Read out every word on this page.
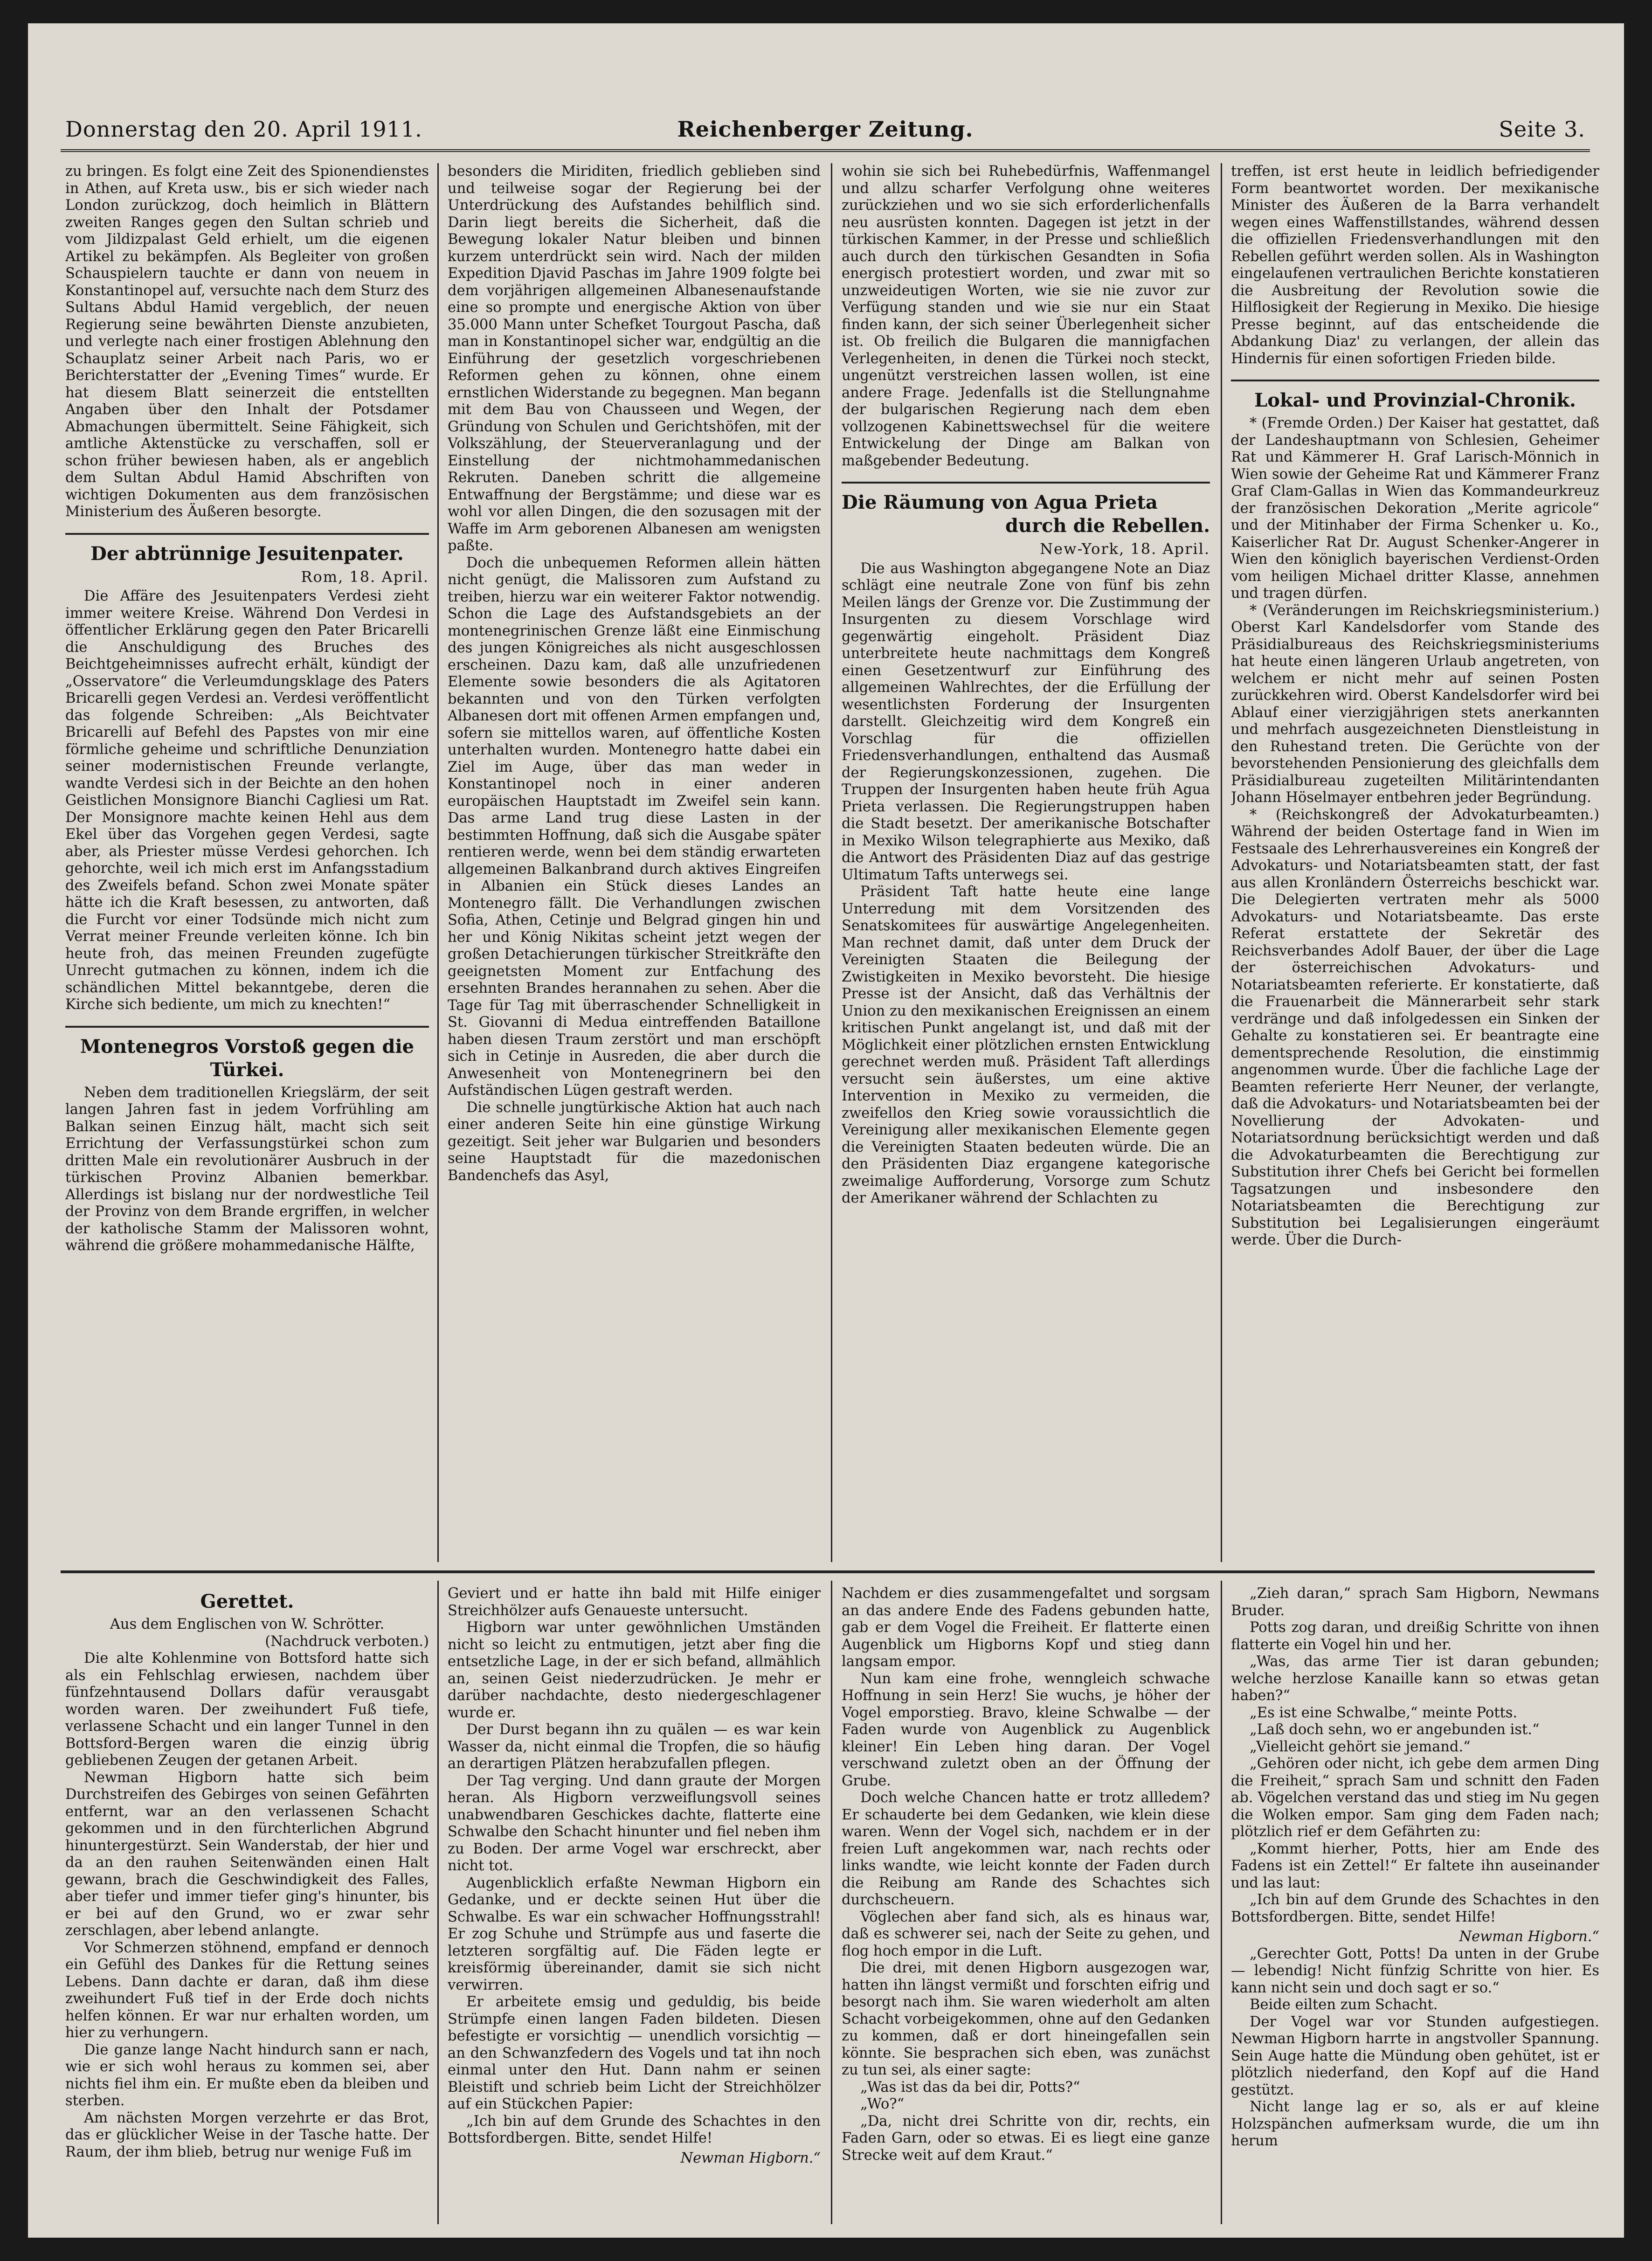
Donnerstag den 20. April 1911.	Reichenberger Zeitung.	Seite 3.

zu bringen. Es folgt eine Zeit des Spionendienstes in Athen, auf Kreta usw., bis er sich wieder nach London zurückzog, doch heimlich in Blättern zweiten Ranges gegen den Sultan schrieb und vom Jildizpalast Geld erhielt, um die eigenen Artikel zu bekämpfen. Als Begleiter von großen Schauspielern tauchte er dann von neuem in Konstantinopel auf, versuchte nach dem Sturz des Sultans Abdul Hamid vergeblich, der neuen Regierung seine bewährten Dienste anzubieten, und verlegte nach einer frostigen Ablehnung den Schauplatz seiner Arbeit nach Paris, wo er Berichterstatter der „Evening Times“ wurde. Er hat diesem Blatt seinerzeit die entstellten Angaben über den Inhalt der Potsdamer Abmachungen übermittelt. Seine Fähigkeit, sich amtliche Aktenstücke zu verschaffen, soll er schon früher bewiesen haben, als er angeblich dem Sultan Abdul Hamid Abschriften von wichtigen Dokumenten aus dem französischen Ministerium des Äußeren besorgte.

Der abtrünnige Jesuitenpater.
Rom, 18. April.

Die Affäre des Jesuitenpaters Verdesi zieht immer weitere Kreise. Während Don Verdesi in öffentlicher Erklärung gegen den Pater Bricarelli die Anschuldigung des Bruches des Beichtgeheimnisses aufrecht erhält, kündigt der „Osservatore“ die Verleumdungsklage des Paters Bricarelli gegen Verdesi an. Verdesi veröffentlicht das folgende Schreiben: „Als Beichtvater Bricarelli auf Befehl des Papstes von mir eine förmliche geheime und schriftliche Denunziation seiner modernistischen Freunde verlangte, wandte Verdesi sich in der Beichte an den hohen Geistlichen Monsignore Bianchi Cagliesi um Rat. Der Monsignore machte keinen Hehl aus dem Ekel über das Vorgehen gegen Verdesi, sagte aber, als Priester müsse Verdesi gehorchen. Ich gehorchte, weil ich mich erst im Anfangsstadium des Zweifels befand. Schon zwei Monate später hätte ich die Kraft besessen, zu antworten, daß die Furcht vor einer Todsünde mich nicht zum Verrat meiner Freunde verleiten könne. Ich bin heute froh, das meinen Freunden zugefügte Unrecht gutmachen zu können, indem ich die schändlichen Mittel bekanntgebe, deren die Kirche sich bediente, um mich zu knechten!“

Montenegros Vorstoß gegen die Türkei.

Neben dem traditionellen Kriegslärm, der seit langen Jahren fast in jedem Vorfrühling am Balkan seinen Einzug hält, macht sich seit Errichtung der Verfassungstürkei schon zum dritten Male ein revolutionärer Ausbruch in der türkischen Provinz Albanien bemerkbar. Allerdings ist bislang nur der nordwestliche Teil der Provinz von dem Brande ergriffen, in welcher der katholische Stamm der Malissoren wohnt, während die größere mohammedanische Hälfte,

besonders die Miriditen, friedlich geblieben sind und teilweise sogar der Regierung bei der Unterdrückung des Aufstandes behilflich sind. Darin liegt bereits die Sicherheit, daß die Bewegung lokaler Natur bleiben und binnen kurzem unterdrückt sein wird. Nach der milden Expedition Djavid Paschas im Jahre 1909 folgte bei dem vorjährigen allgemeinen Albanesenaufstande eine so prompte und energische Aktion von über 35.000 Mann unter Schefket Tourgout Pascha, daß man in Konstantinopel sicher war, endgültig an die Einführung der gesetzlich vorgeschriebenen Reformen gehen zu können, ohne einem ernstlichen Widerstande zu begegnen. Man begann mit dem Bau von Chausseen und Wegen, der Gründung von Schulen und Gerichtshöfen, mit der Volkszählung, der Steuerveranlagung und der Einstellung der nichtmohammedanischen Rekruten. Daneben schritt die allgemeine Entwaffnung der Bergstämme; und diese war es wohl vor allen Dingen, die den sozusagen mit der Waffe im Arm geborenen Albanesen am wenigsten paßte.

Doch die unbequemen Reformen allein hätten nicht genügt, die Malissoren zum Aufstand zu treiben, hierzu war ein weiterer Faktor notwendig. Schon die Lage des Aufstandsgebiets an der montenegrinischen Grenze läßt eine Einmischung des jungen Königreiches als nicht ausgeschlossen erscheinen. Dazu kam, daß alle unzufriedenen Elemente sowie besonders die als Agitatoren bekannten und von den Türken verfolgten Albanesen dort mit offenen Armen empfangen und, sofern sie mittellos waren, auf öffentliche Kosten unterhalten wurden. Montenegro hatte dabei ein Ziel im Auge, über das man weder in Konstantinopel noch in einer anderen europäischen Hauptstadt im Zweifel sein kann. Das arme Land trug diese Lasten in der bestimmten Hoffnung, daß sich die Ausgabe später rentieren werde, wenn bei dem ständig erwarteten allgemeinen Balkanbrand durch aktives Eingreifen in Albanien ein Stück dieses Landes an Montenegro fällt. Die Verhandlungen zwischen Sofia, Athen, Cetinje und Belgrad gingen hin und her und König Nikitas scheint jetzt wegen der großen Detachierungen türkischer Streitkräfte den geeignetsten Moment zur Entfachung des ersehnten Brandes herannahen zu sehen. Aber die Tage für Tag mit überraschender Schnelligkeit in St. Giovanni di Medua eintreffenden Bataillone haben diesen Traum zerstört und man erschöpft sich in Cetinje in Ausreden, die aber durch die Anwesenheit von Montenegrinern bei den Aufständischen Lügen gestraft werden.

Die schnelle jungtürkische Aktion hat auch nach einer anderen Seite hin eine günstige Wirkung gezeitigt. Seit jeher war Bulgarien und besonders seine Hauptstadt für die mazedonischen Bandenchefs das Asyl,

wohin sie sich bei Ruhebedürfnis, Waffenmangel und allzu scharfer Verfolgung ohne weiteres zurückziehen und wo sie sich erforderlichenfalls neu ausrüsten konnten. Dagegen ist jetzt in der türkischen Kammer, in der Presse und schließlich auch durch den türkischen Gesandten in Sofia energisch protestiert worden, und zwar mit so unzweideutigen Worten, wie sie nie zuvor zur Verfügung standen und wie sie nur ein Staat finden kann, der sich seiner Überlegenheit sicher ist. Ob freilich die Bulgaren die mannigfachen Verlegenheiten, in denen die Türkei noch steckt, ungenützt verstreichen lassen wollen, ist eine andere Frage. Jedenfalls ist die Stellungnahme der bulgarischen Regierung nach dem eben vollzogenen Kabinettswechsel für die weitere Entwickelung der Dinge am Balkan von maßgebender Bedeutung.

Die Räumung von Agua Prieta
durch die Rebellen.
New-York, 18. April.

Die aus Washington abgegangene Note an Diaz schlägt eine neutrale Zone von fünf bis zehn Meilen längs der Grenze vor. Die Zustimmung der Insurgenten zu diesem Vorschlage wird gegenwärtig eingeholt. Präsident Diaz unterbreitete heute nachmittags dem Kongreß einen Gesetzentwurf zur Einführung des allgemeinen Wahlrechtes, der die Erfüllung der wesentlichsten Forderung der Insurgenten darstellt. Gleichzeitig wird dem Kongreß ein Vorschlag für die offiziellen Friedensverhandlungen, enthaltend das Ausmaß der Regierungskonzessionen, zugehen. Die Truppen der Insurgenten haben heute früh Agua Prieta verlassen. Die Regierungstruppen haben die Stadt besetzt. Der amerikanische Botschafter in Mexiko Wilson telegraphierte aus Mexiko, daß die Antwort des Präsidenten Diaz auf das gestrige Ultimatum Tafts unterwegs sei.

Präsident Taft hatte heute eine lange Unterredung mit dem Vorsitzenden des Senatskomitees für auswärtige Angelegenheiten. Man rechnet damit, daß unter dem Druck der Vereinigten Staaten die Beilegung der Zwistigkeiten in Mexiko bevorsteht. Die hiesige Presse ist der Ansicht, daß das Verhältnis der Union zu den mexikanischen Ereignissen an einem kritischen Punkt angelangt ist, und daß mit der Möglichkeit einer plötzlichen ernsten Entwicklung gerechnet werden muß. Präsident Taft allerdings versucht sein äußerstes, um eine aktive Intervention in Mexiko zu vermeiden, die zweifellos den Krieg sowie voraussichtlich die Vereinigung aller mexikanischen Elemente gegen die Vereinigten Staaten bedeuten würde. Die an den Präsidenten Diaz ergangene kategorische zweimalige Aufforderung, Vorsorge zum Schutz der Amerikaner während der Schlachten zu

treffen, ist erst heute in leidlich befriedigender Form beantwortet worden. Der mexikanische Minister des Äußeren de la Barra verhandelt wegen eines Waffenstillstandes, während dessen die offiziellen Friedensverhandlungen mit den Rebellen geführt werden sollen. Als in Washington eingelaufenen vertraulichen Berichte konstatieren die Ausbreitung der Revolution sowie die Hilflosigkeit der Regierung in Mexiko. Die hiesige Presse beginnt, auf das entscheidende die Abdankung Diaz' zu verlangen, der allein das Hindernis für einen sofortigen Frieden bilde.

Lokal- und Provinzial-Chronik.

* (Fremde Orden.) Der Kaiser hat gestattet, daß der Landeshauptmann von Schlesien, Geheimer Rat und Kämmerer H. Graf Larisch-Mönnich in Wien sowie der Geheime Rat und Kämmerer Franz Graf Clam-Gallas in Wien das Kommandeurkreuz der französischen Dekoration „Merite agricole“ und der Mitinhaber der Firma Schenker u. Ko., Kaiserlicher Rat Dr. August Schenker-Angerer in Wien den königlich bayerischen Verdienst-Orden vom heiligen Michael dritter Klasse, annehmen und tragen dürfen.

* (Veränderungen im Reichskriegsministerium.) Oberst Karl Kandelsdorfer vom Stande des Präsidialbureaus des Reichskriegsministeriums hat heute einen längeren Urlaub angetreten, von welchem er nicht mehr auf seinen Posten zurückkehren wird. Oberst Kandelsdorfer wird bei Ablauf einer vierzigjährigen stets anerkannten und mehrfach ausgezeichneten Dienstleistung in den Ruhestand treten. Die Gerüchte von der bevorstehenden Pensionierung des gleichfalls dem Präsidialbureau zugeteilten Militärintendanten Johann Höselmayer entbehren jeder Begründung.

* (Reichskongreß der Advokaturbeamten.) Während der beiden Ostertage fand in Wien im Festsaale des Lehrerhausvereines ein Kongreß der Advokaturs- und Notariatsbeamten statt, der fast aus allen Kronländern Österreichs beschickt war. Die Delegierten vertraten mehr als 5000 Advokaturs- und Notariatsbeamte. Das erste Referat erstattete der Sekretär des Reichsverbandes Adolf Bauer, der über die Lage der österreichischen Advokaturs- und Notariatsbeamten referierte. Er konstatierte, daß die Frauenarbeit die Männerarbeit sehr stark verdränge und daß infolgedessen ein Sinken der Gehalte zu konstatieren sei. Er beantragte eine dementsprechende Resolution, die einstimmig angenommen wurde. Über die fachliche Lage der Beamten referierte Herr Neuner, der verlangte, daß die Advokaturs- und Notariatsbeamten bei der Novellierung der Advokaten- und Notariatsordnung berücksichtigt werden und daß die Advokaturbeamten die Berechtigung zur Substitution ihrer Chefs bei Gericht bei formellen Tagsatzungen und insbesondere den Notariatsbeamten die Berechtigung zur Substitution bei Legalisierungen eingeräumt werde. Über die Durch-

Gerettet.

Aus dem Englischen von W. Schrötter.

(Nachdruck verboten.)

Die alte Kohlenmine von Bottsford hatte sich als ein Fehlschlag erwiesen, nachdem über fünfzehntausend Dollars dafür verausgabt worden waren. Der zweihundert Fuß tiefe, verlassene Schacht und ein langer Tunnel in den Bottsford-Bergen waren die einzig übrig gebliebenen Zeugen der getanen Arbeit.

Newman Higborn hatte sich beim Durchstreifen des Gebirges von seinen Gefährten entfernt, war an den verlassenen Schacht gekommen und in den fürchterlichen Abgrund hinuntergestürzt. Sein Wanderstab, der hier und da an den rauhen Seitenwänden einen Halt gewann, brach die Geschwindigkeit des Falles, aber tiefer und immer tiefer ging's hinunter, bis er bei auf den Grund, wo er zwar sehr zerschlagen, aber lebend anlangte.

Vor Schmerzen stöhnend, empfand er dennoch ein Gefühl des Dankes für die Rettung seines Lebens. Dann dachte er daran, daß ihm diese zweihundert Fuß tief in der Erde doch nichts helfen können. Er war nur erhalten worden, um hier zu verhungern.

Die ganze lange Nacht hindurch sann er nach, wie er sich wohl heraus zu kommen sei, aber nichts fiel ihm ein. Er mußte eben da bleiben und sterben.

Am nächsten Morgen verzehrte er das Brot, das er glücklicher Weise in der Tasche hatte. Der Raum, der ihm blieb, betrug nur wenige Fuß im

Geviert und er hatte ihn bald mit Hilfe einiger Streichhölzer aufs Genaueste untersucht.

Higborn war unter gewöhnlichen Umständen nicht so leicht zu entmutigen, jetzt aber fing die entsetzliche Lage, in der er sich befand, allmählich an, seinen Geist niederzudrücken. Je mehr er darüber nachdachte, desto niedergeschlagener wurde er.

Der Durst begann ihn zu quälen — es war kein Wasser da, nicht einmal die Tropfen, die so häufig an derartigen Plätzen herabzufallen pflegen.

Der Tag verging. Und dann graute der Morgen heran. Als Higborn verzweiflungsvoll seines unabwendbaren Geschickes dachte, flatterte eine Schwalbe den Schacht hinunter und fiel neben ihm zu Boden. Der arme Vogel war erschreckt, aber nicht tot.

Augenblicklich erfaßte Newman Higborn ein Gedanke, und er deckte seinen Hut über die Schwalbe. Es war ein schwacher Hoffnungsstrahl! Er zog Schuhe und Strümpfe aus und faserte die letzteren sorgfältig auf. Die Fäden legte er kreisförmig übereinander, damit sie sich nicht verwirren.

Er arbeitete emsig und geduldig, bis beide Strümpfe einen langen Faden bildeten. Diesen befestigte er vorsichtig — unendlich vorsichtig — an den Schwanzfedern des Vogels und tat ihn noch einmal unter den Hut. Dann nahm er seinen Bleistift und schrieb beim Licht der Streichhölzer auf ein Stückchen Papier:

„Ich bin auf dem Grunde des Schachtes in den Bottsfordbergen. Bitte, sendet Hilfe!

Newman Higborn.“

Nachdem er dies zusammengefaltet und sorgsam an das andere Ende des Fadens gebunden hatte, gab er dem Vogel die Freiheit. Er flatterte einen Augenblick um Higborns Kopf und stieg dann langsam empor.

Nun kam eine frohe, wenngleich schwache Hoffnung in sein Herz! Sie wuchs, je höher der Vogel emporstieg. Bravo, kleine Schwalbe — der Faden wurde von Augenblick zu Augenblick kleiner! Ein Leben hing daran. Der Vogel verschwand zuletzt oben an der Öffnung der Grube.

Doch welche Chancen hatte er trotz allledem? Er schauderte bei dem Gedanken, wie klein diese waren. Wenn der Vogel sich, nachdem er in der freien Luft angekommen war, nach rechts oder links wandte, wie leicht konnte der Faden durch die Reibung am Rande des Schachtes sich durchscheuern.

Vöglechen aber fand sich, als es hinaus war, daß es schwerer sei, nach der Seite zu gehen, und flog hoch empor in die Luft.

Die drei, mit denen Higborn ausgezogen war, hatten ihn längst vermißt und forschten eifrig und besorgt nach ihm. Sie waren wiederholt am alten Schacht vorbeigekommen, ohne auf den Gedanken zu kommen, daß er dort hineingefallen sein könnte. Sie besprachen sich eben, was zunächst zu tun sei, als einer sagte:

„Was ist das da bei dir, Potts?“

„Wo?“

„Da, nicht drei Schritte von dir, rechts, ein Faden Garn, oder so etwas. Ei es liegt eine ganze Strecke weit auf dem Kraut.“

„Zieh daran,“ sprach Sam Higborn, Newmans Bruder.

Potts zog daran, und dreißig Schritte von ihnen flatterte ein Vogel hin und her.

„Was, das arme Tier ist daran gebunden; welche herzlose Kanaille kann so etwas getan haben?“

„Es ist eine Schwalbe,“ meinte Potts.

„Laß doch sehn, wo er angebunden ist.“

„Vielleicht gehört sie jemand.“

„Gehören oder nicht, ich gebe dem armen Ding die Freiheit,“ sprach Sam und schnitt den Faden ab. Vögelchen verstand das und stieg im Nu gegen die Wolken empor. Sam ging dem Faden nach; plötzlich rief er dem Gefährten zu:

„Kommt hierher, Potts, hier am Ende des Fadens ist ein Zettel!“ Er faltete ihn auseinander und las laut:

„Ich bin auf dem Grunde des Schachtes in den Bottsfordbergen. Bitte, sendet Hilfe!

Newman Higborn.“

„Gerechter Gott, Potts! Da unten in der Grube — lebendig! Nicht fünfzig Schritte von hier. Es kann nicht sein und doch sagt er so.“

Beide eilten zum Schacht.

Der Vogel war vor Stunden aufgestiegen. Newman Higborn harrte in angstvoller Spannung. Sein Auge hatte die Mündung oben gehütet, ist er plötzlich niederfand, den Kopf auf die Hand gestützt.

Nicht lange lag er so, als er auf kleine Holzspänchen aufmerksam wurde, die um ihn herum
